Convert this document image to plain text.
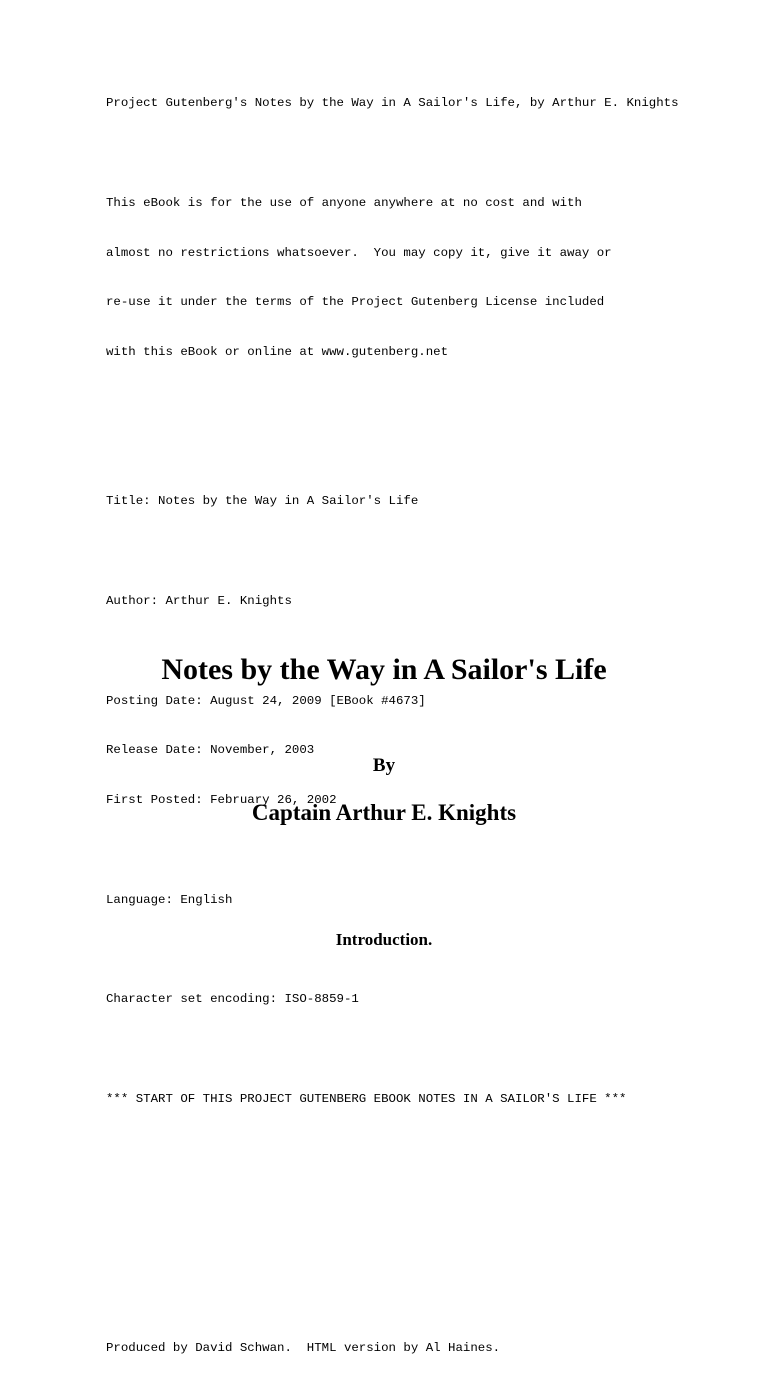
Project Gutenberg's Notes by the Way in A Sailor's Life, by Arthur E. Knights

This eBook is for the use of anyone anywhere at no cost and with

almost no restrictions whatsoever.  You may copy it, give it away or

re-use it under the terms of the Project Gutenberg License included

with this eBook or online at www.gutenberg.net

Title: Notes by the Way in A Sailor's Life

Author: Arthur E. Knights

Posting Date: August 24, 2009 [EBook #4673]

Release Date: November, 2003

First Posted: February 26, 2002

Language: English

Character set encoding: ISO-8859-1

*** START OF THIS PROJECT GUTENBERG EBOOK NOTES IN A SAILOR'S LIFE ***

Produced by David Schwan.  HTML version by Al Haines.

Notes by the Way in A Sailor's Life
By
Captain Arthur E. Knights
Introduction.
